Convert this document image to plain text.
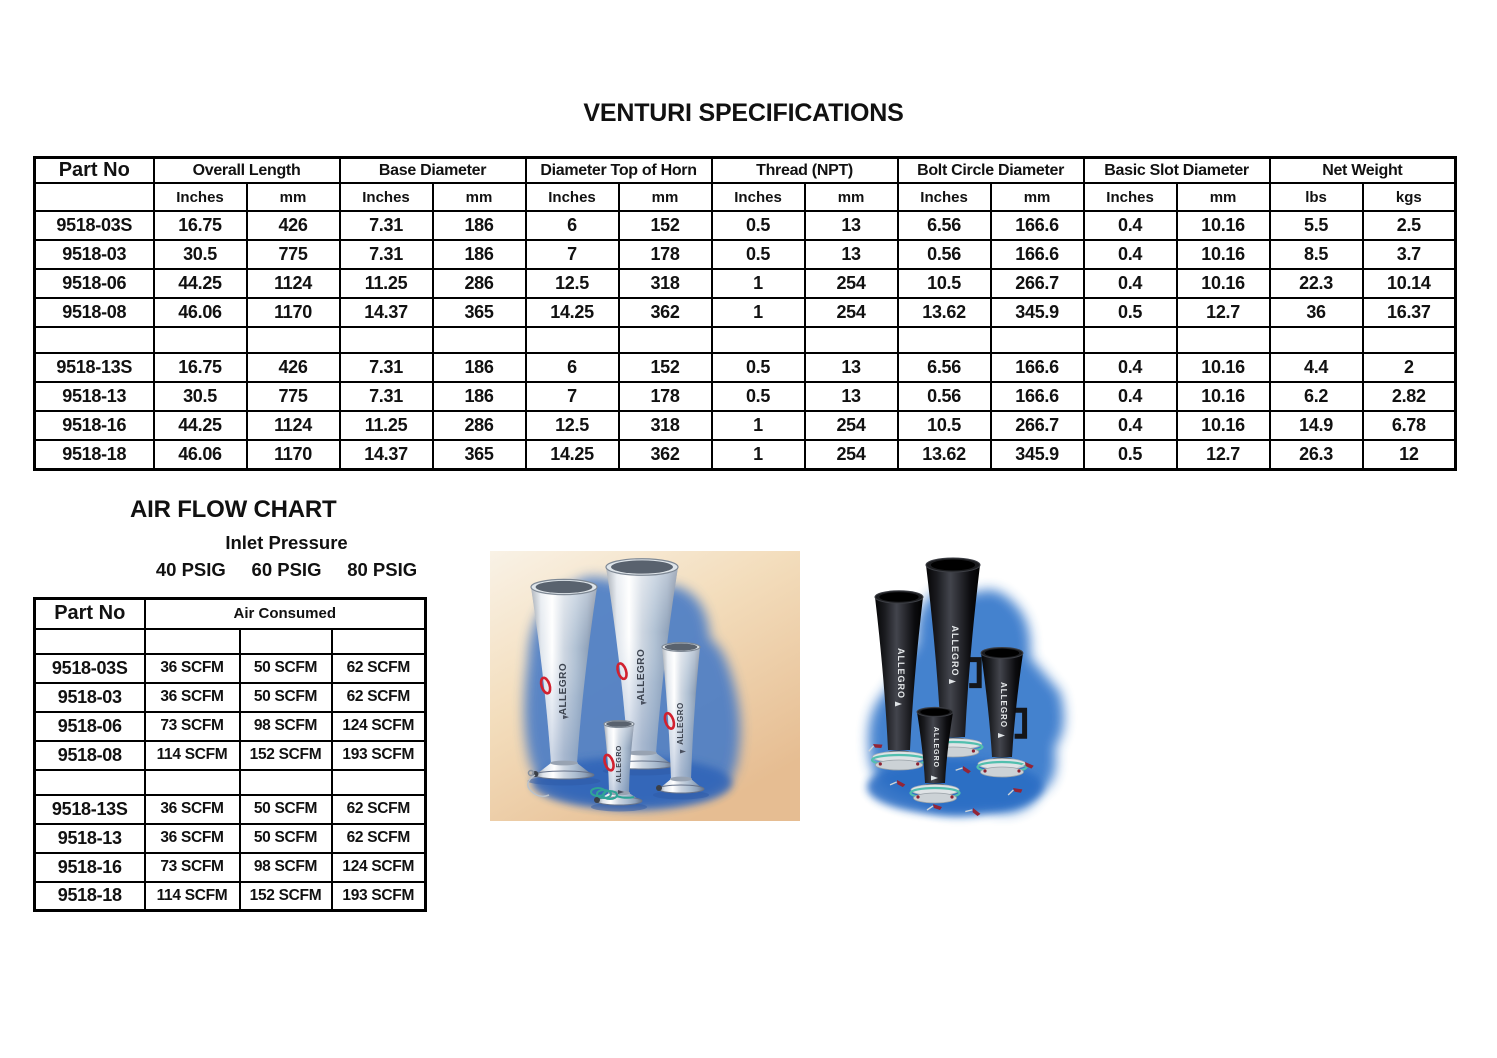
VENTURI SPECIFICATIONS
Part No	Overall Length		Base Diameter		Diameter Top of Horn		Thread (NPT)		Bolt Circle Diameter		Basic Slot Diameter		Net Weight	
	Inches	mm	Inches	mm	Inches	mm	Inches	mm	Inches	mm	Inches	mm	lbs	kgs
9518-03S	16.75	426	7.31	186	6	152	0.5	13	6.56	166.6	0.4	10.16	5.5	2.5
9518-03	30.5	775	7.31	186	7	178	0.5	13	0.56	166.6	0.4	10.16	8.5	3.7
9518-06	44.25	1124	11.25	286	12.5	318	1	254	10.5	266.7	0.4	10.16	22.3	10.14
9518-08	46.06	1170	14.37	365	14.25	362	1	254	13.62	345.9	0.5	12.7	36	16.37

9518-13S	16.75	426	7.31	186	6	152	0.5	13	6.56	166.6	0.4	10.16	4.4	2
9518-13	30.5	775	7.31	186	7	178	0.5	13	0.56	166.6	0.4	10.16	6.2	2.82
9518-16	44.25	1124	11.25	286	12.5	318	1	254	10.5	266.7	0.4	10.16	14.9	6.78
9518-18	46.06	1170	14.37	365	14.25	362	1	254	13.62	345.9	0.5	12.7	26.3	12
AIR FLOW CHART
Inlet Pressure
40 PSIG	60 PSIG	80 PSIG
Part No	Air Consumed		

9518-03S	36 SCFM	50 SCFM	62 SCFM
9518-03	36 SCFM	50 SCFM	62 SCFM
9518-06	73 SCFM	98 SCFM	124 SCFM
9518-08	114 SCFM	152 SCFM	193 SCFM

9518-13S	36 SCFM	50 SCFM	62 SCFM
9518-13	36 SCFM	50 SCFM	62 SCFM
9518-16	73 SCFM	98 SCFM	124 SCFM
9518-18	114 SCFM	152 SCFM	193 SCFM
ALLEGRO
ALLEGRO
ALLEGRO
ALLEGRO
ALLEGRO
ALLEGRO
ALLEGRO
ALLEGRO
